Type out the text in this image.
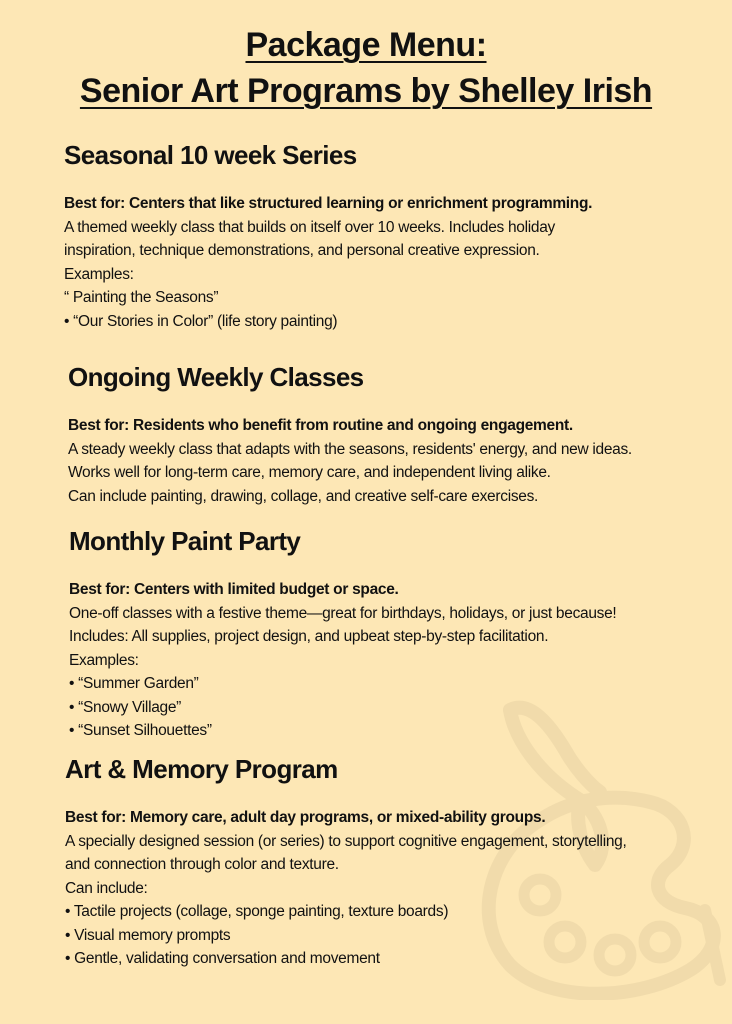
Package Menu:
Senior Art Programs by Shelley Irish
Seasonal 10 week Series

Best for: Centers that like structured learning or enrichment programming.

A themed weekly class that builds on itself over 10 weeks. Includes holiday

inspiration, technique demonstrations, and personal creative expression.

Examples:

“ Painting the Seasons”

• “Our Stories in Color” (life story painting)

Ongoing Weekly Classes

Best for: Residents who benefit from routine and ongoing engagement.

A steady weekly class that adapts with the seasons, residents' energy, and new ideas.

Works well for long-term care, memory care, and independent living alike.

Can include painting, drawing, collage, and creative self-care exercises.

Monthly Paint Party

Best for: Centers with limited budget or space.

One-off classes with a festive theme—great for birthdays, holidays, or just because!

Includes: All supplies, project design, and upbeat step-by-step facilitation.

Examples:

• “Summer Garden”

• “Snowy Village”

• “Sunset Silhouettes”

Art & Memory Program

Best for: Memory care, adult day programs, or mixed-ability groups.

A specially designed session (or series) to support cognitive engagement, storytelling,

and connection through color and texture.

Can include:

• Tactile projects (collage, sponge painting, texture boards)

• Visual memory prompts

• Gentle, validating conversation and movement
